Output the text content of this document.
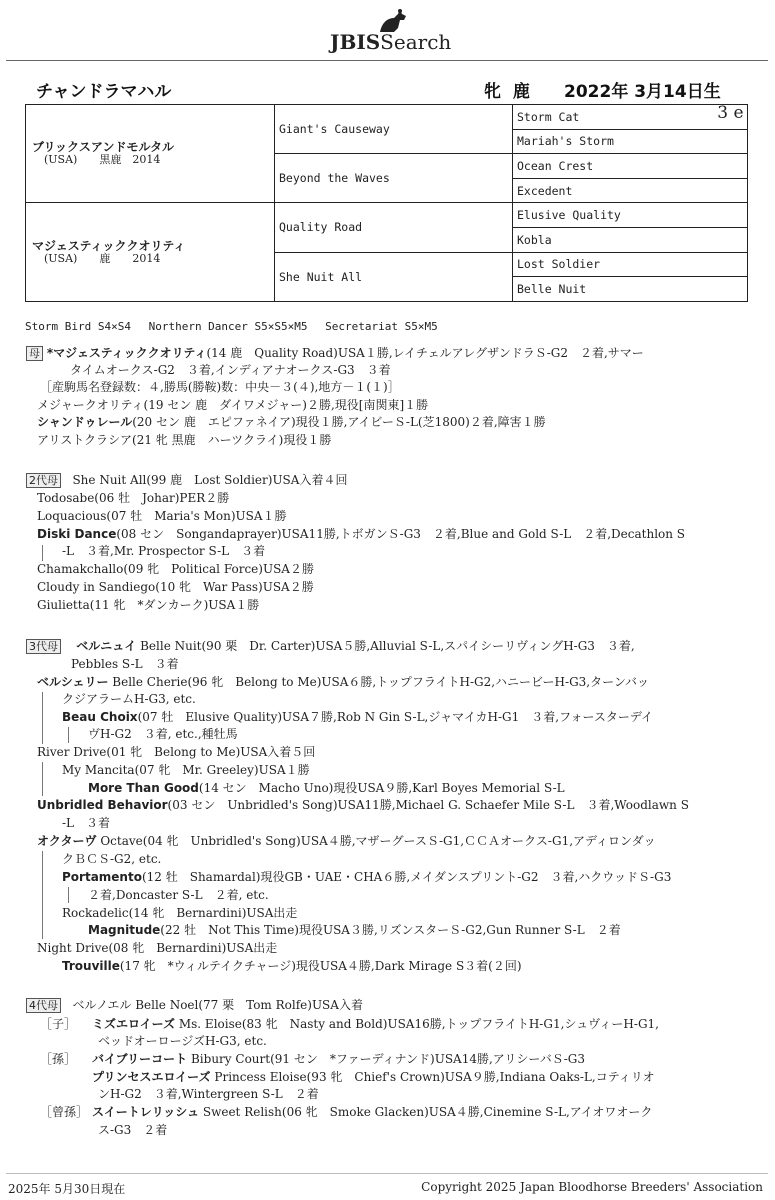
JBISSearch
チャンドラマハル	牝 鹿 2022年 3月14日生
ブリックスアンドモルタル
(USA)　　黒鹿　2014	Giant's Causeway	Storm Cat
		Mariah's Storm
	Beyond the Waves	Ocean Crest
		Excedent

マジェスティッククオリティ
(USA)　　鹿　　2014	Quality Road	Elusive Quality
		Kobla
	She Nuit All	Lost Soldier
		Belle Nuit
3 e
Storm Bird S4×S4　 Northern Dancer S5×S5×M5　 Secretariat S5×M5
母 *マジェスティッククオリティ(14 鹿　Quality Road)USA１勝,レイチェルアレグザンドラＳ-G2　２着,サマー
タイムオークス-G2　３着,インディアナオークス-G3　３着
［産駒馬名登録数：４,勝馬(勝鞍)数：中央－３(４),地方－１(１)］
メジャークオリティ(19 セン 鹿　ダイワメジャー)２勝,現役[南関東]１勝
シャンドゥレール(20 セン 鹿　エピファネイア)現役１勝,アイビーＳ-L(芝1800)２着,障害１勝
アリストクラシア(21 牝 黒鹿　ハーツクライ)現役１勝
2代母 She Nuit All(99 鹿　Lost Soldier)USA入着４回
Todosabe(06 牡　Johar)PER２勝
Loquacious(07 牡　Maria's Mon)USA１勝
Diski Dance(08 セン　Songandaprayer)USA11勝,トボガンＳ-G3　２着,Blue and Gold S-L　２着,Decathlon S
-L　３着,Mr. Prospector S-L　３着
Chamakchallo(09 牝　Political Force)USA２勝
Cloudy in Sandiego(10 牝　War Pass)USA２勝
Giulietta(11 牝　*ダンカーク)USA１勝
3代母 ベルニュイ Belle Nuit(90 栗　Dr. Carter)USA５勝,Alluvial S-L,スパイシーリヴィングH-G3　３着,
Pebbles S-L　３着
ベルシェリー Belle Cherie(96 牝　Belong to Me)USA６勝,トップフライトH-G2,ハニービーH-G3,ターンバッ
クジアラームH-G3, etc.
Beau Choix(07 牡　Elusive Quality)USA７勝,Rob N Gin S-L,ジャマイカH-G1　３着,フォースターデイ
ヴH-G2　３着, etc.,種牡馬
River Drive(01 牝　Belong to Me)USA入着５回
My Mancita(07 牝　Mr. Greeley)USA１勝
More Than Good(14 セン　Macho Uno)現役USA９勝,Karl Boyes Memorial S-L
Unbridled Behavior(03 セン　Unbridled's Song)USA11勝,Michael G. Schaefer Mile S-L　３着,Woodlawn S
-L　３着
オクターヴ Octave(04 牝　Unbridled's Song)USA４勝,マザーグースＳ-G1,ＣＣＡオークス-G1,アディロンダッ
クＢＣＳ-G2, etc.
Portamento(12 牡　Shamardal)現役GB・UAE・CHA６勝,メイダンスプリント-G2　３着,ハクウッドＳ-G3
２着,Doncaster S-L　２着, etc.
Rockadelic(14 牝　Bernardini)USA出走
Magnitude(22 牡　Not This Time)現役USA３勝,リズンスターＳ-G2,Gun Runner S-L　２着
Night Drive(08 牝　Bernardini)USA出走
Trouville(17 牝　*ウィルテイクチャージ)現役USA４勝,Dark Mirage S３着(２回)
4代母 ベルノエル Belle Noel(77 栗　Tom Rolfe)USA入着
［子］ ミズエロイーズ Ms. Eloise(83 牝　Nasty and Bold)USA16勝,トップフライトH-G1,シュヴィーH-G1,
ベッドオーロージズH-G3, etc.
［孫］ バイブリーコート Bibury Court(91 セン　*ファーディナンド)USA14勝,アリシーバＳ-G3
プリンセスエロイーズ Princess Eloise(93 牝　Chief's Crown)USA９勝,Indiana Oaks-L,コティリオ
ンH-G2　３着,Wintergreen S-L　２着
［曾孫］ スイートレリッシュ Sweet Relish(06 牝　Smoke Glacken)USA４勝,Cinemine S-L,アイオワオーク
ス-G3　２着
2025年 5月30日現在	Copyright 2025 Japan Bloodhorse Breeders' Association
